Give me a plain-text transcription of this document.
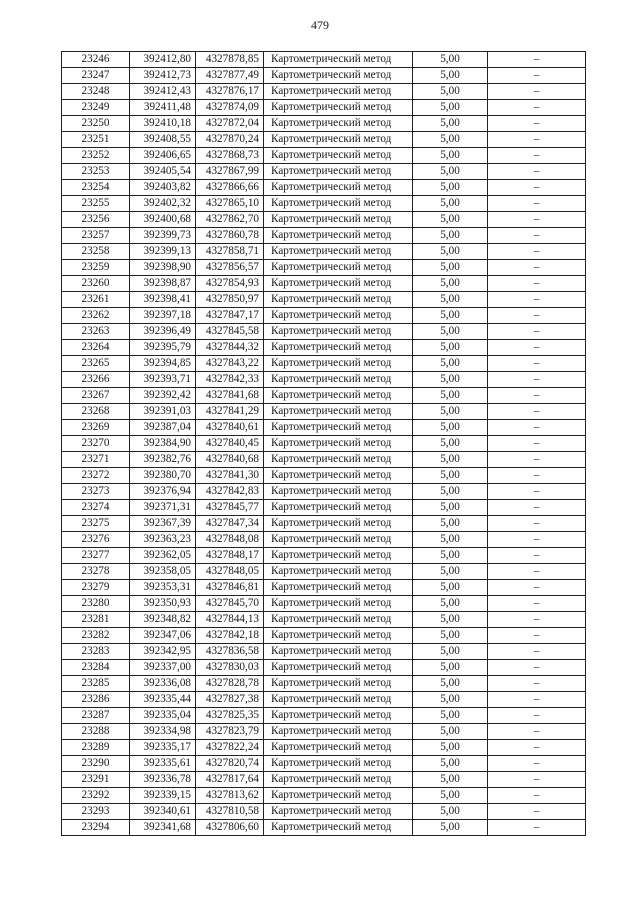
479
23246	392412,80	4327878,85	Картометрический метод	5,00	–
23247	392412,73	4327877,49	Картометрический метод	5,00	–
23248	392412,43	4327876,17	Картометрический метод	5,00	–
23249	392411,48	4327874,09	Картометрический метод	5,00	–
23250	392410,18	4327872,04	Картометрический метод	5,00	–
23251	392408,55	4327870,24	Картометрический метод	5,00	–
23252	392406,65	4327868,73	Картометрический метод	5,00	–
23253	392405,54	4327867,99	Картометрический метод	5,00	–
23254	392403,82	4327866,66	Картометрический метод	5,00	–
23255	392402,32	4327865,10	Картометрический метод	5,00	–
23256	392400,68	4327862,70	Картометрический метод	5,00	–
23257	392399,73	4327860,78	Картометрический метод	5,00	–
23258	392399,13	4327858,71	Картометрический метод	5,00	–
23259	392398,90	4327856,57	Картометрический метод	5,00	–
23260	392398,87	4327854,93	Картометрический метод	5,00	–
23261	392398,41	4327850,97	Картометрический метод	5,00	–
23262	392397,18	4327847,17	Картометрический метод	5,00	–
23263	392396,49	4327845,58	Картометрический метод	5,00	–
23264	392395,79	4327844,32	Картометрический метод	5,00	–
23265	392394,85	4327843,22	Картометрический метод	5,00	–
23266	392393,71	4327842,33	Картометрический метод	5,00	–
23267	392392,42	4327841,68	Картометрический метод	5,00	–
23268	392391,03	4327841,29	Картометрический метод	5,00	–
23269	392387,04	4327840,61	Картометрический метод	5,00	–
23270	392384,90	4327840,45	Картометрический метод	5,00	–
23271	392382,76	4327840,68	Картометрический метод	5,00	–
23272	392380,70	4327841,30	Картометрический метод	5,00	–
23273	392376,94	4327842,83	Картометрический метод	5,00	–
23274	392371,31	4327845,77	Картометрический метод	5,00	–
23275	392367,39	4327847,34	Картометрический метод	5,00	–
23276	392363,23	4327848,08	Картометрический метод	5,00	–
23277	392362,05	4327848,17	Картометрический метод	5,00	–
23278	392358,05	4327848,05	Картометрический метод	5,00	–
23279	392353,31	4327846,81	Картометрический метод	5,00	–
23280	392350,93	4327845,70	Картометрический метод	5,00	–
23281	392348,82	4327844,13	Картометрический метод	5,00	–
23282	392347,06	4327842,18	Картометрический метод	5,00	–
23283	392342,95	4327836,58	Картометрический метод	5,00	–
23284	392337,00	4327830,03	Картометрический метод	5,00	–
23285	392336,08	4327828,78	Картометрический метод	5,00	–
23286	392335,44	4327827,38	Картометрический метод	5,00	–
23287	392335,04	4327825,35	Картометрический метод	5,00	–
23288	392334,98	4327823,79	Картометрический метод	5,00	–
23289	392335,17	4327822,24	Картометрический метод	5,00	–
23290	392335,61	4327820,74	Картометрический метод	5,00	–
23291	392336,78	4327817,64	Картометрический метод	5,00	–
23292	392339,15	4327813,62	Картометрический метод	5,00	–
23293	392340,61	4327810,58	Картометрический метод	5,00	–
23294	392341,68	4327806,60	Картометрический метод	5,00	–
